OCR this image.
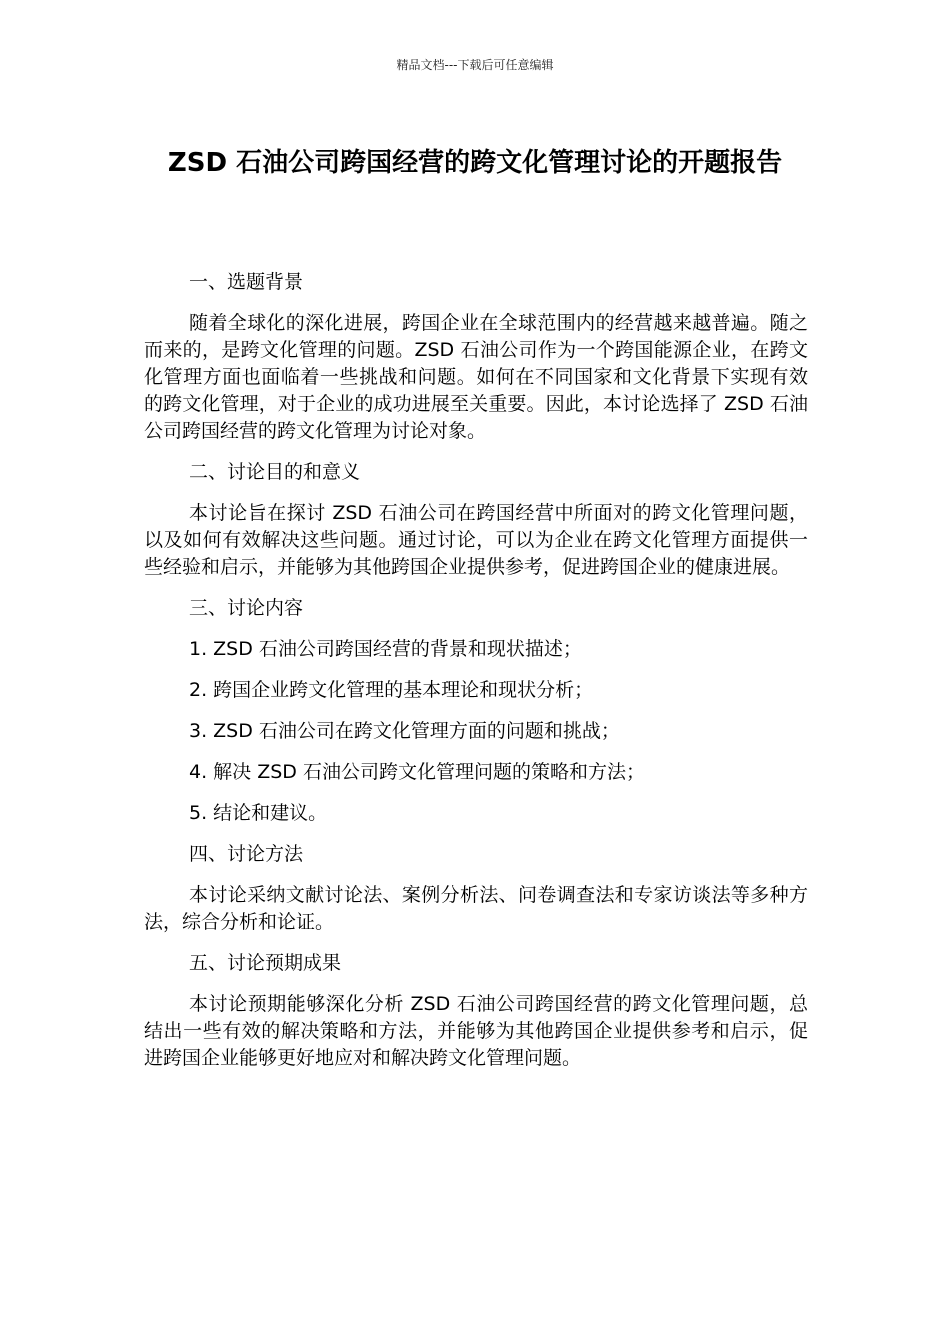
精品文档---下载后可任意编辑
ZSD 石油公司跨国经营的跨文化管理讨论的开题报告

一、选题背景

随着全球化的深化进展，跨国企业在全球范围内的经营越来越普遍。随之而来的，是跨文化管理的问题。ZSD 石油公司作为一个跨国能源企业，在跨文化管理方面也面临着一些挑战和问题。如何在不同国家和文化背景下实现有效的跨文化管理，对于企业的成功进展至关重要。因此，本讨论选择了 ZSD 石油公司跨国经营的跨文化管理为讨论对象。

二、讨论目的和意义

本讨论旨在探讨 ZSD 石油公司在跨国经营中所面对的跨文化管理问题，以及如何有效解决这些问题。通过讨论，可以为企业在跨文化管理方面提供一些经验和启示，并能够为其他跨国企业提供参考，促进跨国企业的健康进展。

三、讨论内容

1. ZSD 石油公司跨国经营的背景和现状描述；

2. 跨国企业跨文化管理的基本理论和现状分析；

3. ZSD 石油公司在跨文化管理方面的问题和挑战；

4. 解决 ZSD 石油公司跨文化管理问题的策略和方法；

5. 结论和建议。

四、讨论方法

本讨论采纳文献讨论法、案例分析法、问卷调查法和专家访谈法等多种方法，综合分析和论证。

五、讨论预期成果

本讨论预期能够深化分析 ZSD 石油公司跨国经营的跨文化管理问题，总结出一些有效的解决策略和方法，并能够为其他跨国企业提供参考和启示，促进跨国企业能够更好地应对和解决跨文化管理问题。
